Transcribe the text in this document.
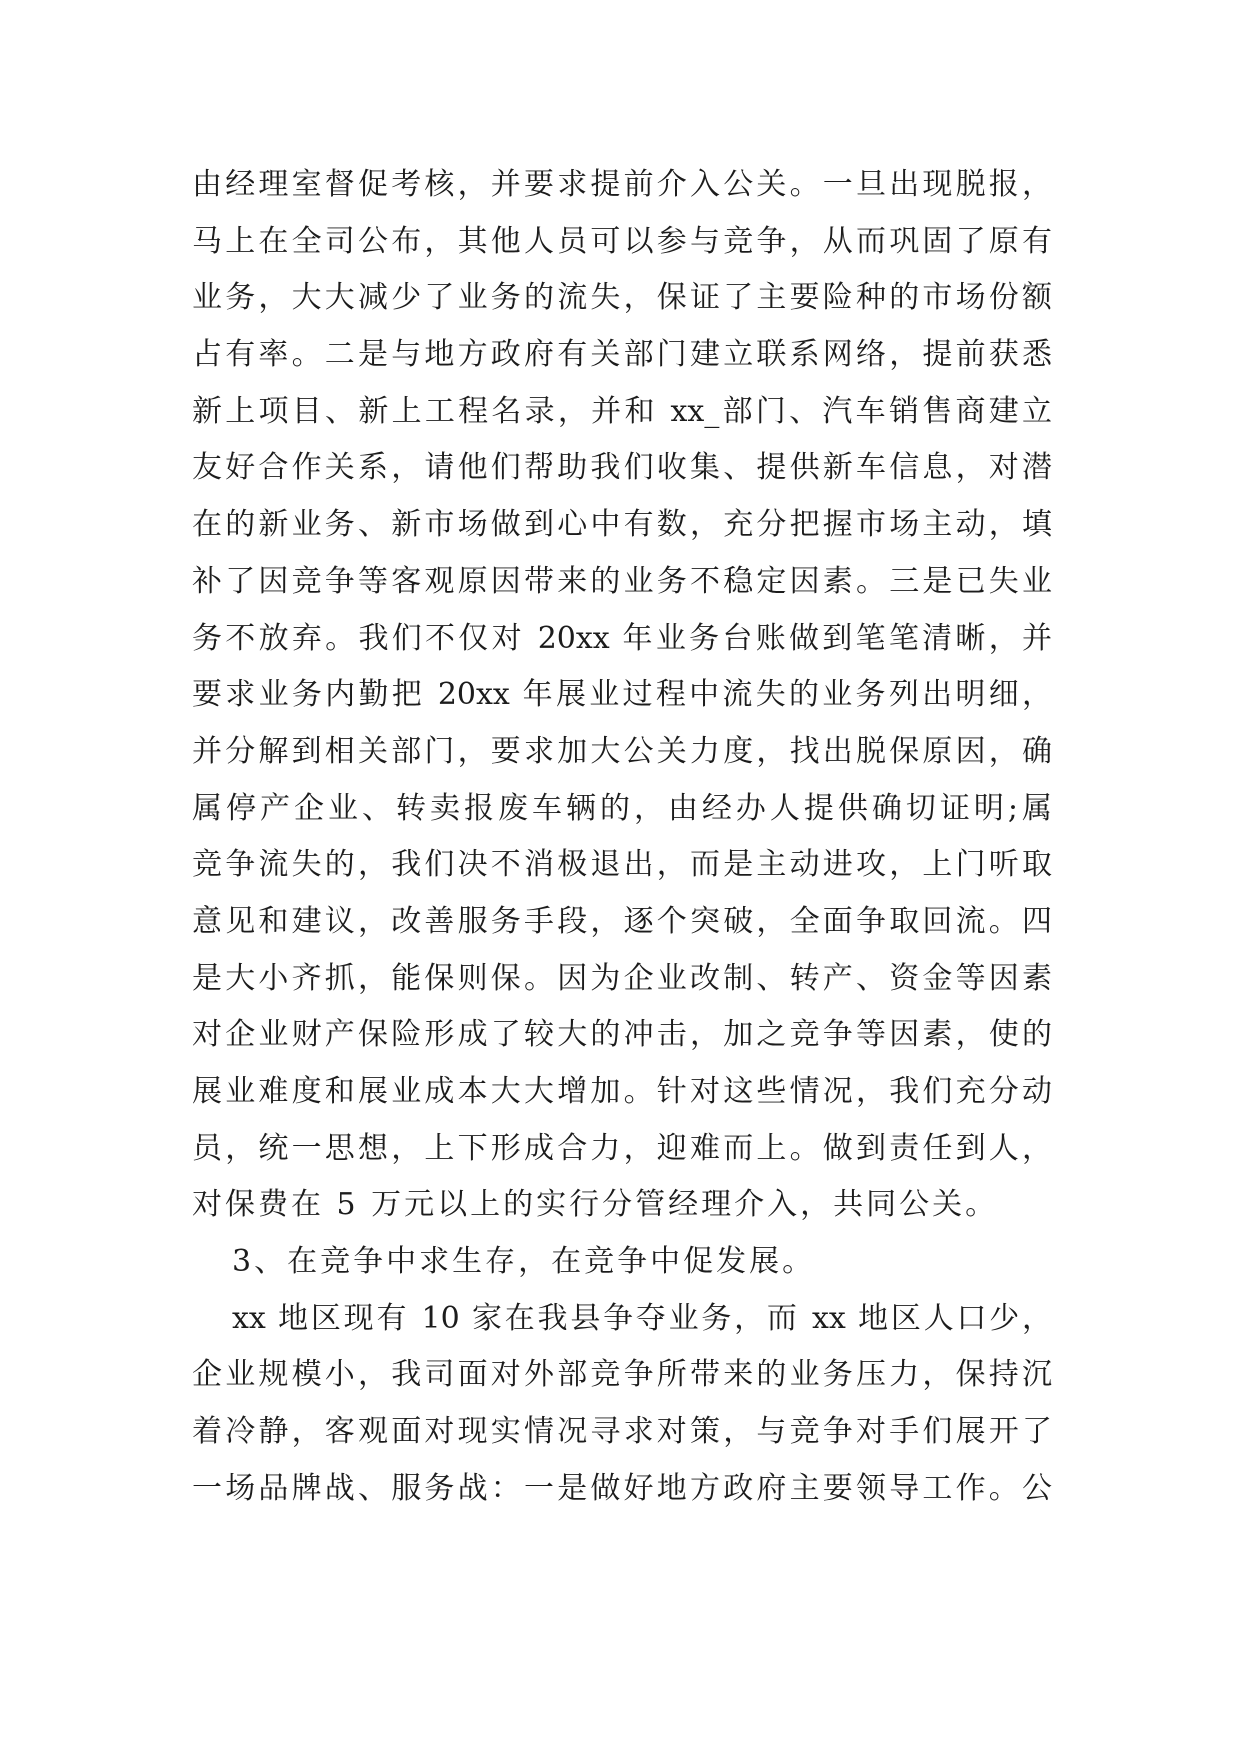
由经理室督促考核，并要求提前介入公关。一旦出现脱报，
马上在全司公布，其他人员可以参与竞争，从而巩固了原有
业务，大大减少了业务的流失，保证了主要险种的市场份额
占有率。二是与地方政府有关部门建立联系网络，提前获悉
新上项目、新上工程名录，并和 xx_部门、汽车销售商建立
友好合作关系，请他们帮助我们收集、提供新车信息，对潜
在的新业务、新市场做到心中有数，充分把握市场主动，填
补了因竞争等客观原因带来的业务不稳定因素。三是已失业
务不放弃。我们不仅对 20xx 年业务台账做到笔笔清晰，并
要求业务内勤把 20xx 年展业过程中流失的业务列出明细，
并分解到相关部门，要求加大公关力度，找出脱保原因，确
属停产企业、转卖报废车辆的，由经办人提供确切证明;属
竞争流失的，我们决不消极退出，而是主动进攻，上门听取
意见和建议，改善服务手段，逐个突破，全面争取回流。四
是大小齐抓，能保则保。因为企业改制、转产、资金等因素
对企业财产保险形成了较大的冲击，加之竞争等因素，使的
展业难度和展业成本大大增加。针对这些情况，我们充分动
员，统一思想，上下形成合力，迎难而上。做到责任到人，
对保费在 5 万元以上的实行分管经理介入，共同公关。
3、在竞争中求生存，在竞争中促发展。
xx 地区现有 10 家在我县争夺业务，而 xx 地区人口少，
企业规模小，我司面对外部竞争所带来的业务压力，保持沉
着冷静，客观面对现实情况寻求对策，与竞争对手们展开了
一场品牌战、服务战：一是做好地方政府主要领导工作。公
